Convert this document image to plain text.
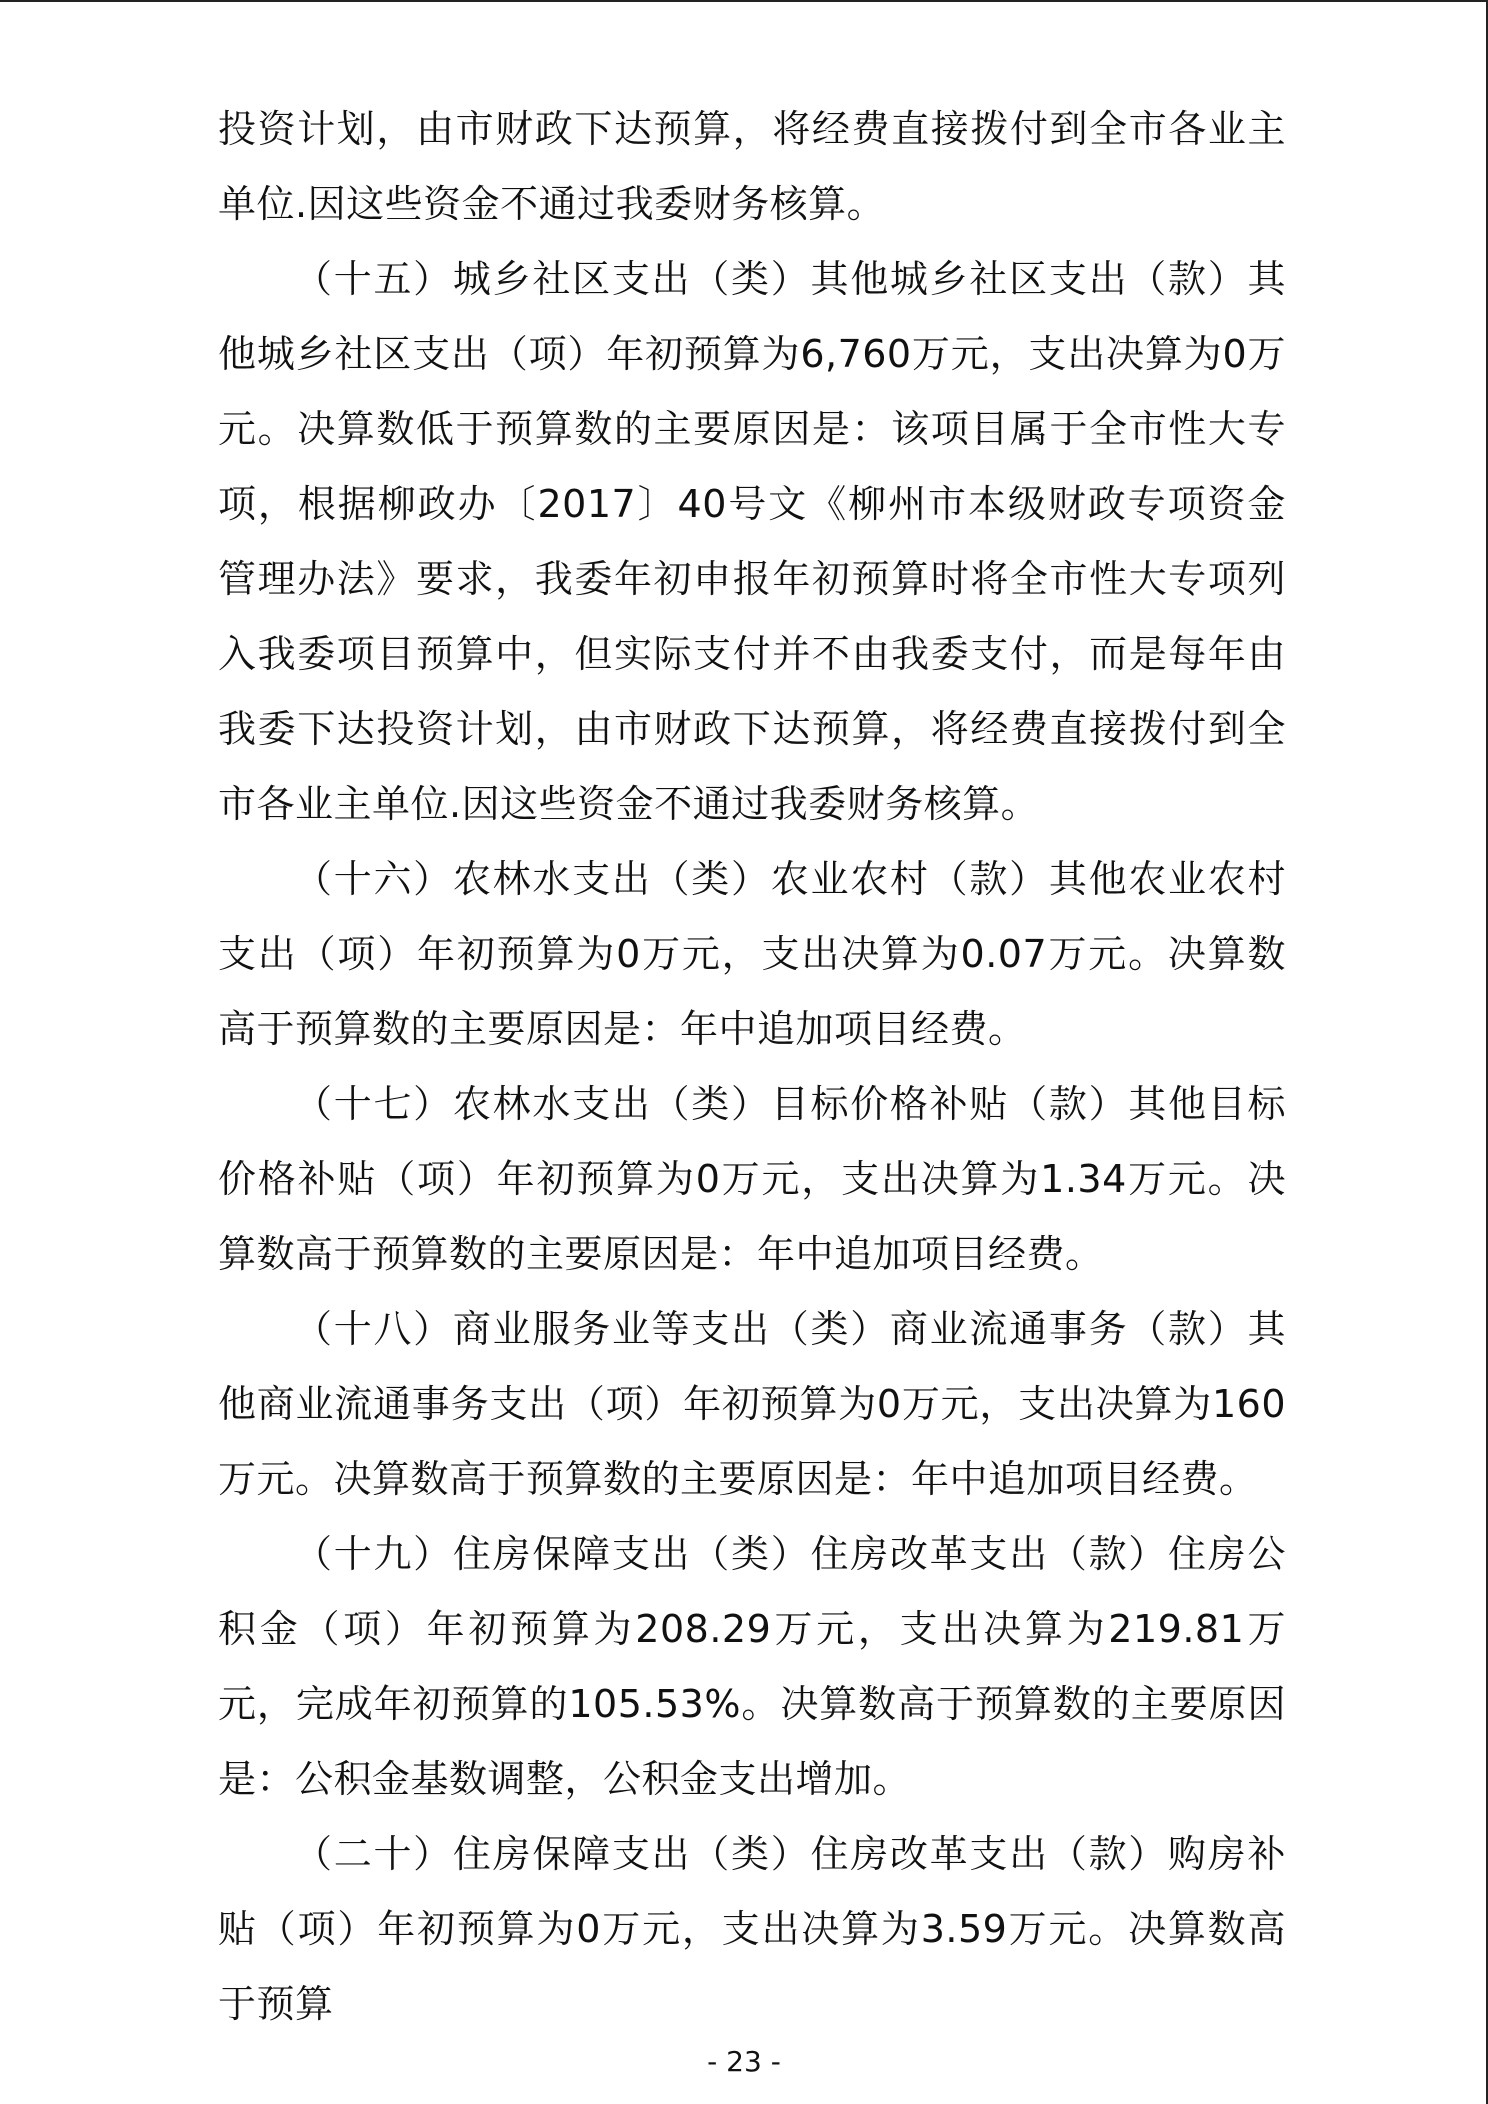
投资计划，由市财政下达预算，将经费直接拨付到全市各业主单位.因这些资金不通过我委财务核算。

（十五）城乡社区支出（类）其他城乡社区支出（款）其他城乡社区支出（项）年初预算为6,760万元，支出决算为0万元。决算数低于预算数的主要原因是：该项目属于全市性大专项，根据柳政办〔2017〕40号文《柳州市本级财政专项资金管理办法》要求，我委年初申报年初预算时将全市性大专项列入我委项目预算中，但实际支付并不由我委支付，而是每年由我委下达投资计划，由市财政下达预算，将经费直接拨付到全市各业主单位.因这些资金不通过我委财务核算。

（十六）农林水支出（类）农业农村（款）其他农业农村支出（项）年初预算为0万元，支出决算为0.07万元。决算数高于预算数的主要原因是：年中追加项目经费。

（十七）农林水支出（类）目标价格补贴（款）其他目标价格补贴（项）年初预算为0万元，支出决算为1.34万元。决算数高于预算数的主要原因是：年中追加项目经费。

（十八）商业服务业等支出（类）商业流通事务（款）其他商业流通事务支出（项）年初预算为0万元，支出决算为160万元。决算数高于预算数的主要原因是：年中追加项目经费。

（十九）住房保障支出（类）住房改革支出（款）住房公积金（项）年初预算为208.29万元，支出决算为219.81万元，完成年初预算的105.53%。决算数高于预算数的主要原因是：公积金基数调整，公积金支出增加。

（二十）住房保障支出（类）住房改革支出（款）购房补贴（项）年初预算为0万元，支出决算为3.59万元。决算数高于预算

- 23 -
